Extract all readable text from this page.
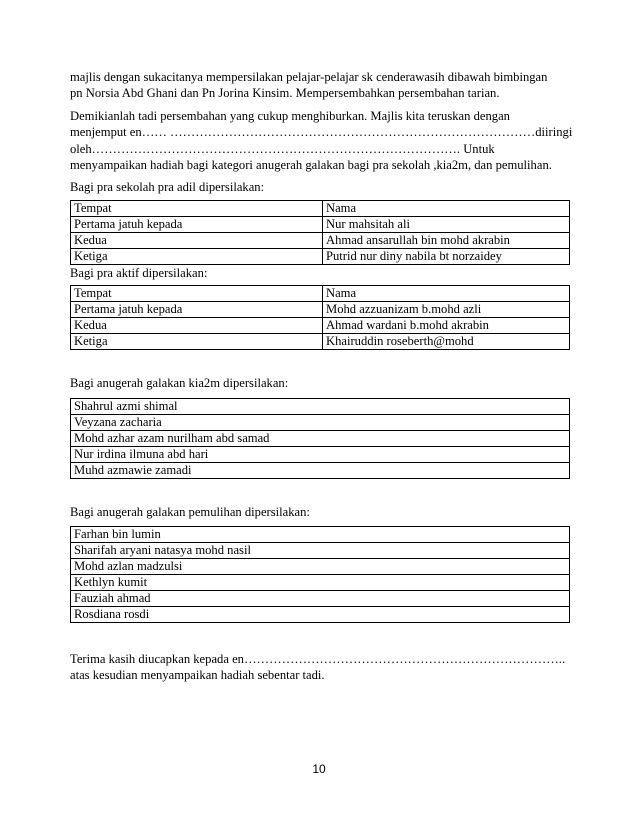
majlis dengan sukacitanya mempersilakan pelajar-pelajar sk cenderawasih dibawah bimbingan

pn Norsia Abd Ghani dan Pn Jorina Kinsim. Mempersembahkan persembahan tarian.

Demikianlah tadi persembahan yang cukup menghiburkan. Majlis kita teruskan dengan

menjemput en…… ……………………………………………………………………………diiringi

oleh……………………………………………………………………………. Untuk

menyampaikan hadiah bagi kategori anugerah galakan bagi pra sekolah ,kia2m, dan pemulihan.

Bagi pra sekolah pra adil dipersilakan:

Tempat	Nama
Pertama jatuh kepada	Nur mahsitah ali
Kedua	Ahmad ansarullah bin mohd akrabin
Ketiga	Putrid nur diny nabila bt norzaidey

Bagi pra aktif dipersilakan:

Tempat	Nama
Pertama jatuh kepada	Mohd azzuanizam b.mohd azli
Kedua	Ahmad wardani b.mohd akrabin
Ketiga	Khairuddin roseberth@mohd

Bagi anugerah galakan kia2m dipersilakan:

Shahrul azmi shimal
Veyzana zacharia
Mohd azhar azam nurilham abd samad
Nur irdina ilmuna abd hari
Muhd azmawie zamadi

Bagi anugerah galakan pemulihan dipersilakan:

Farhan bin lumin
Sharifah aryani natasya mohd nasil
Mohd azlan madzulsi
Kethlyn kumit
Fauziah ahmad
Rosdiana rosdi

Terima kasih diucapkan kepada en…………………………………………………………………..

atas kesudian menyampaikan hadiah sebentar tadi.

10
